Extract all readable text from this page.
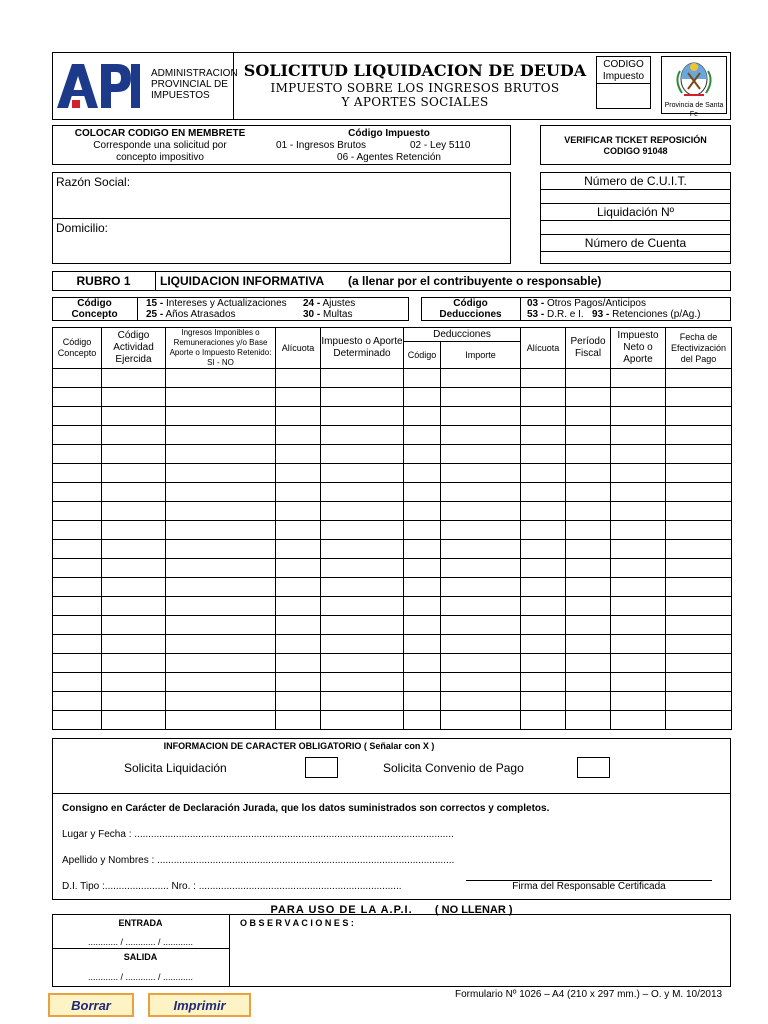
ADMINISTRACION
PROVINCIAL DE
IMPUESTOS
SOLICITUD LIQUIDACION DE DEUDA
IMPUESTO SOBRE LOS INGRESOS BRUTOS
Y APORTES SOCIALES
CODIGO
Impuesto
Provincia de Santa Fe
COLOCAR CODIGO EN MEMBRETE
Corresponde una solicitud por
concepto impositivo
Código Impuesto
01 - Ingresos Brutos	02 - Ley 5110
06 - Agentes Retención
VERIFICAR TICKET REPOSICIÓN
CODIGO 91048
Razón Social:
Domicilio:
Número de C.U.I.T.
Liquidación Nº
Número de Cuenta
RUBRO 1	LIQUIDACION INFORMATIVA (a llenar por el contribuyente o responsable)
Código
Concepto
15 - Intereses y Actualizaciones 24 - Ajustes
25 - Años Atrasados	30 - Multas
Código
Deducciones
03 - Otros Pagos/Anticipos
53 - D.R. e I. 93 - Retenciones (p/Ag.)
Código Concepto	Código Actividad Ejercida	Ingresos Imponibles o Remuneraciones y/o Base Aporte o Impuesto Retenido: SI - NO	Alícuota	Impuesto o Aporte Determinado	Deducciones		Alícuota	Período Fiscal	Impuesto Neto o Aporte	Fecha de Efectivización del Pago
					Código	Importe				

INFORMACION DE CARACTER OBLIGATORIO ( Señalar con X )
Solicita Liquidación	Solicita Convenio de Pago
Consigno en Carácter de Declaración Jurada, que los datos suministrados son correctos y completos.
Lugar y Fecha : ...................................................................................................................
Apellido y Nombres : ...........................................................................................................
D.I. Tipo :....................... Nro. : .........................................................................	Firma del Responsable Certificada
PARA USO DE LA A.P.I. ( NO LLENAR )
ENTRADA
............ / ............ / ............
SALIDA
............ / ............ / ............
O B S E R V A C I O N E S :
Borrar	Imprimir
Formulario Nº 1026 – A4 (210 x 297 mm.) – O. y M. 10/2013
